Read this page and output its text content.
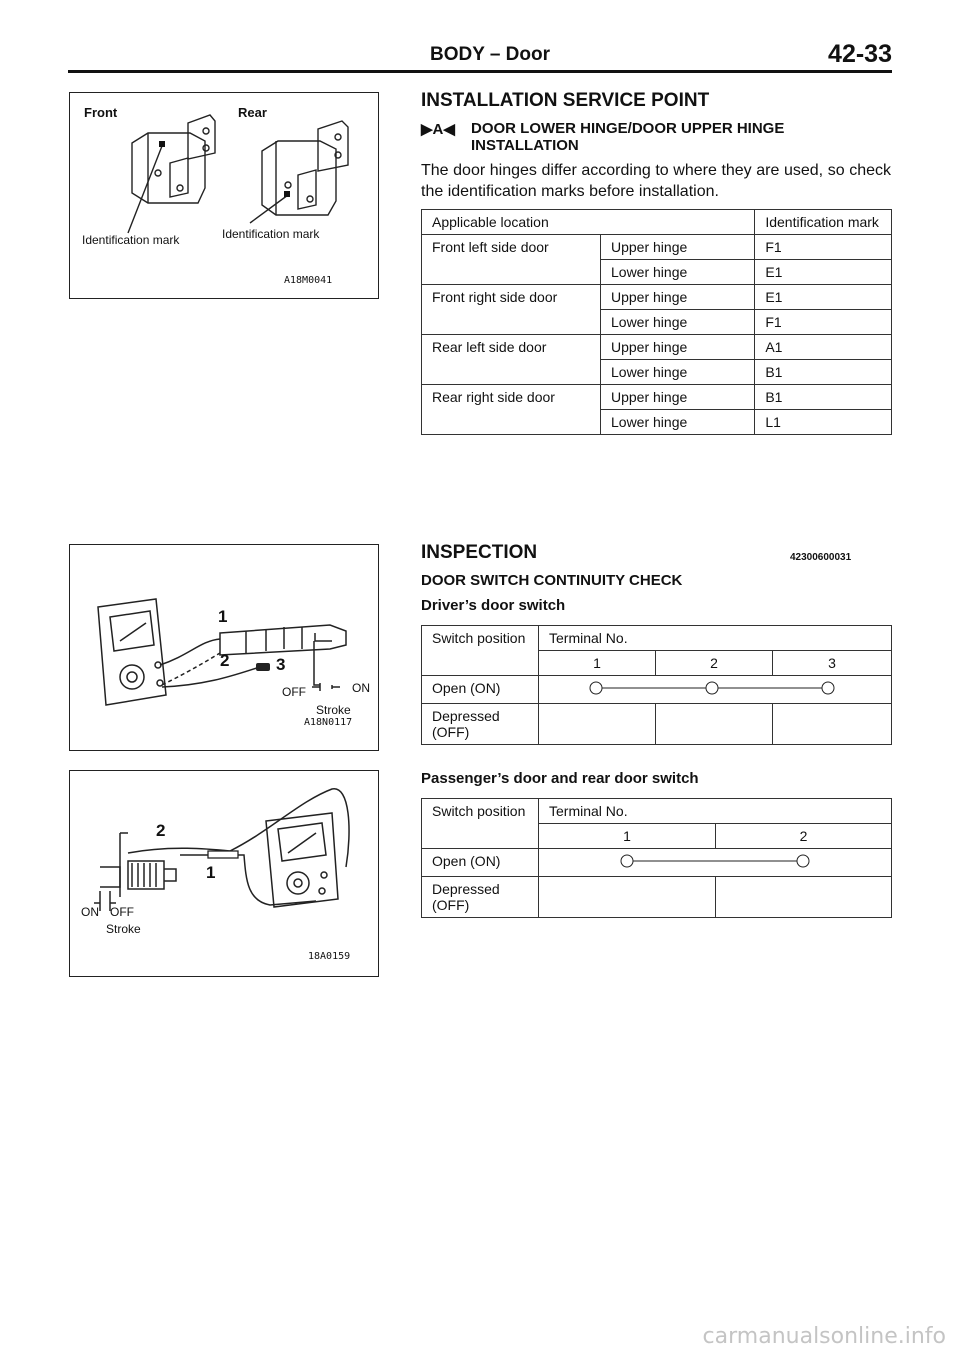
BODY – Door	42-33
Front	Rear
Identification mark	Identification mark
A18M0041
INSTALLATION SERVICE POINT
▶A◀ DOOR LOWER HINGE/DOOR UPPER HINGE
INSTALLATION
The door hinges differ according to where they are used, so check the identification marks before installation.
Applicable location		Identification mark
Front left side door	Upper hinge	F1
	Lower hinge	E1
Front right side door	Upper hinge	E1
	Lower hinge	F1
Rear left side door	Upper hinge	A1
	Lower hinge	B1
Rear right side door	Upper hinge	B1
	Lower hinge	L1
1
2	3
OFF	ON
Stroke
A18N0117
INSPECTION	42300600031
DOOR SWITCH CONTINUITY CHECK
Driver’s door switch
Switch position	Terminal No.		
	1	2	3
Open (ON)	
Depressed (OFF)			
Passenger’s door and rear door switch
Switch position	Terminal No.	
	1	2
Open (ON)	
Depressed (OFF)		
2
1
ON OFF
Stroke
18A0159
carmanualsonline.info
